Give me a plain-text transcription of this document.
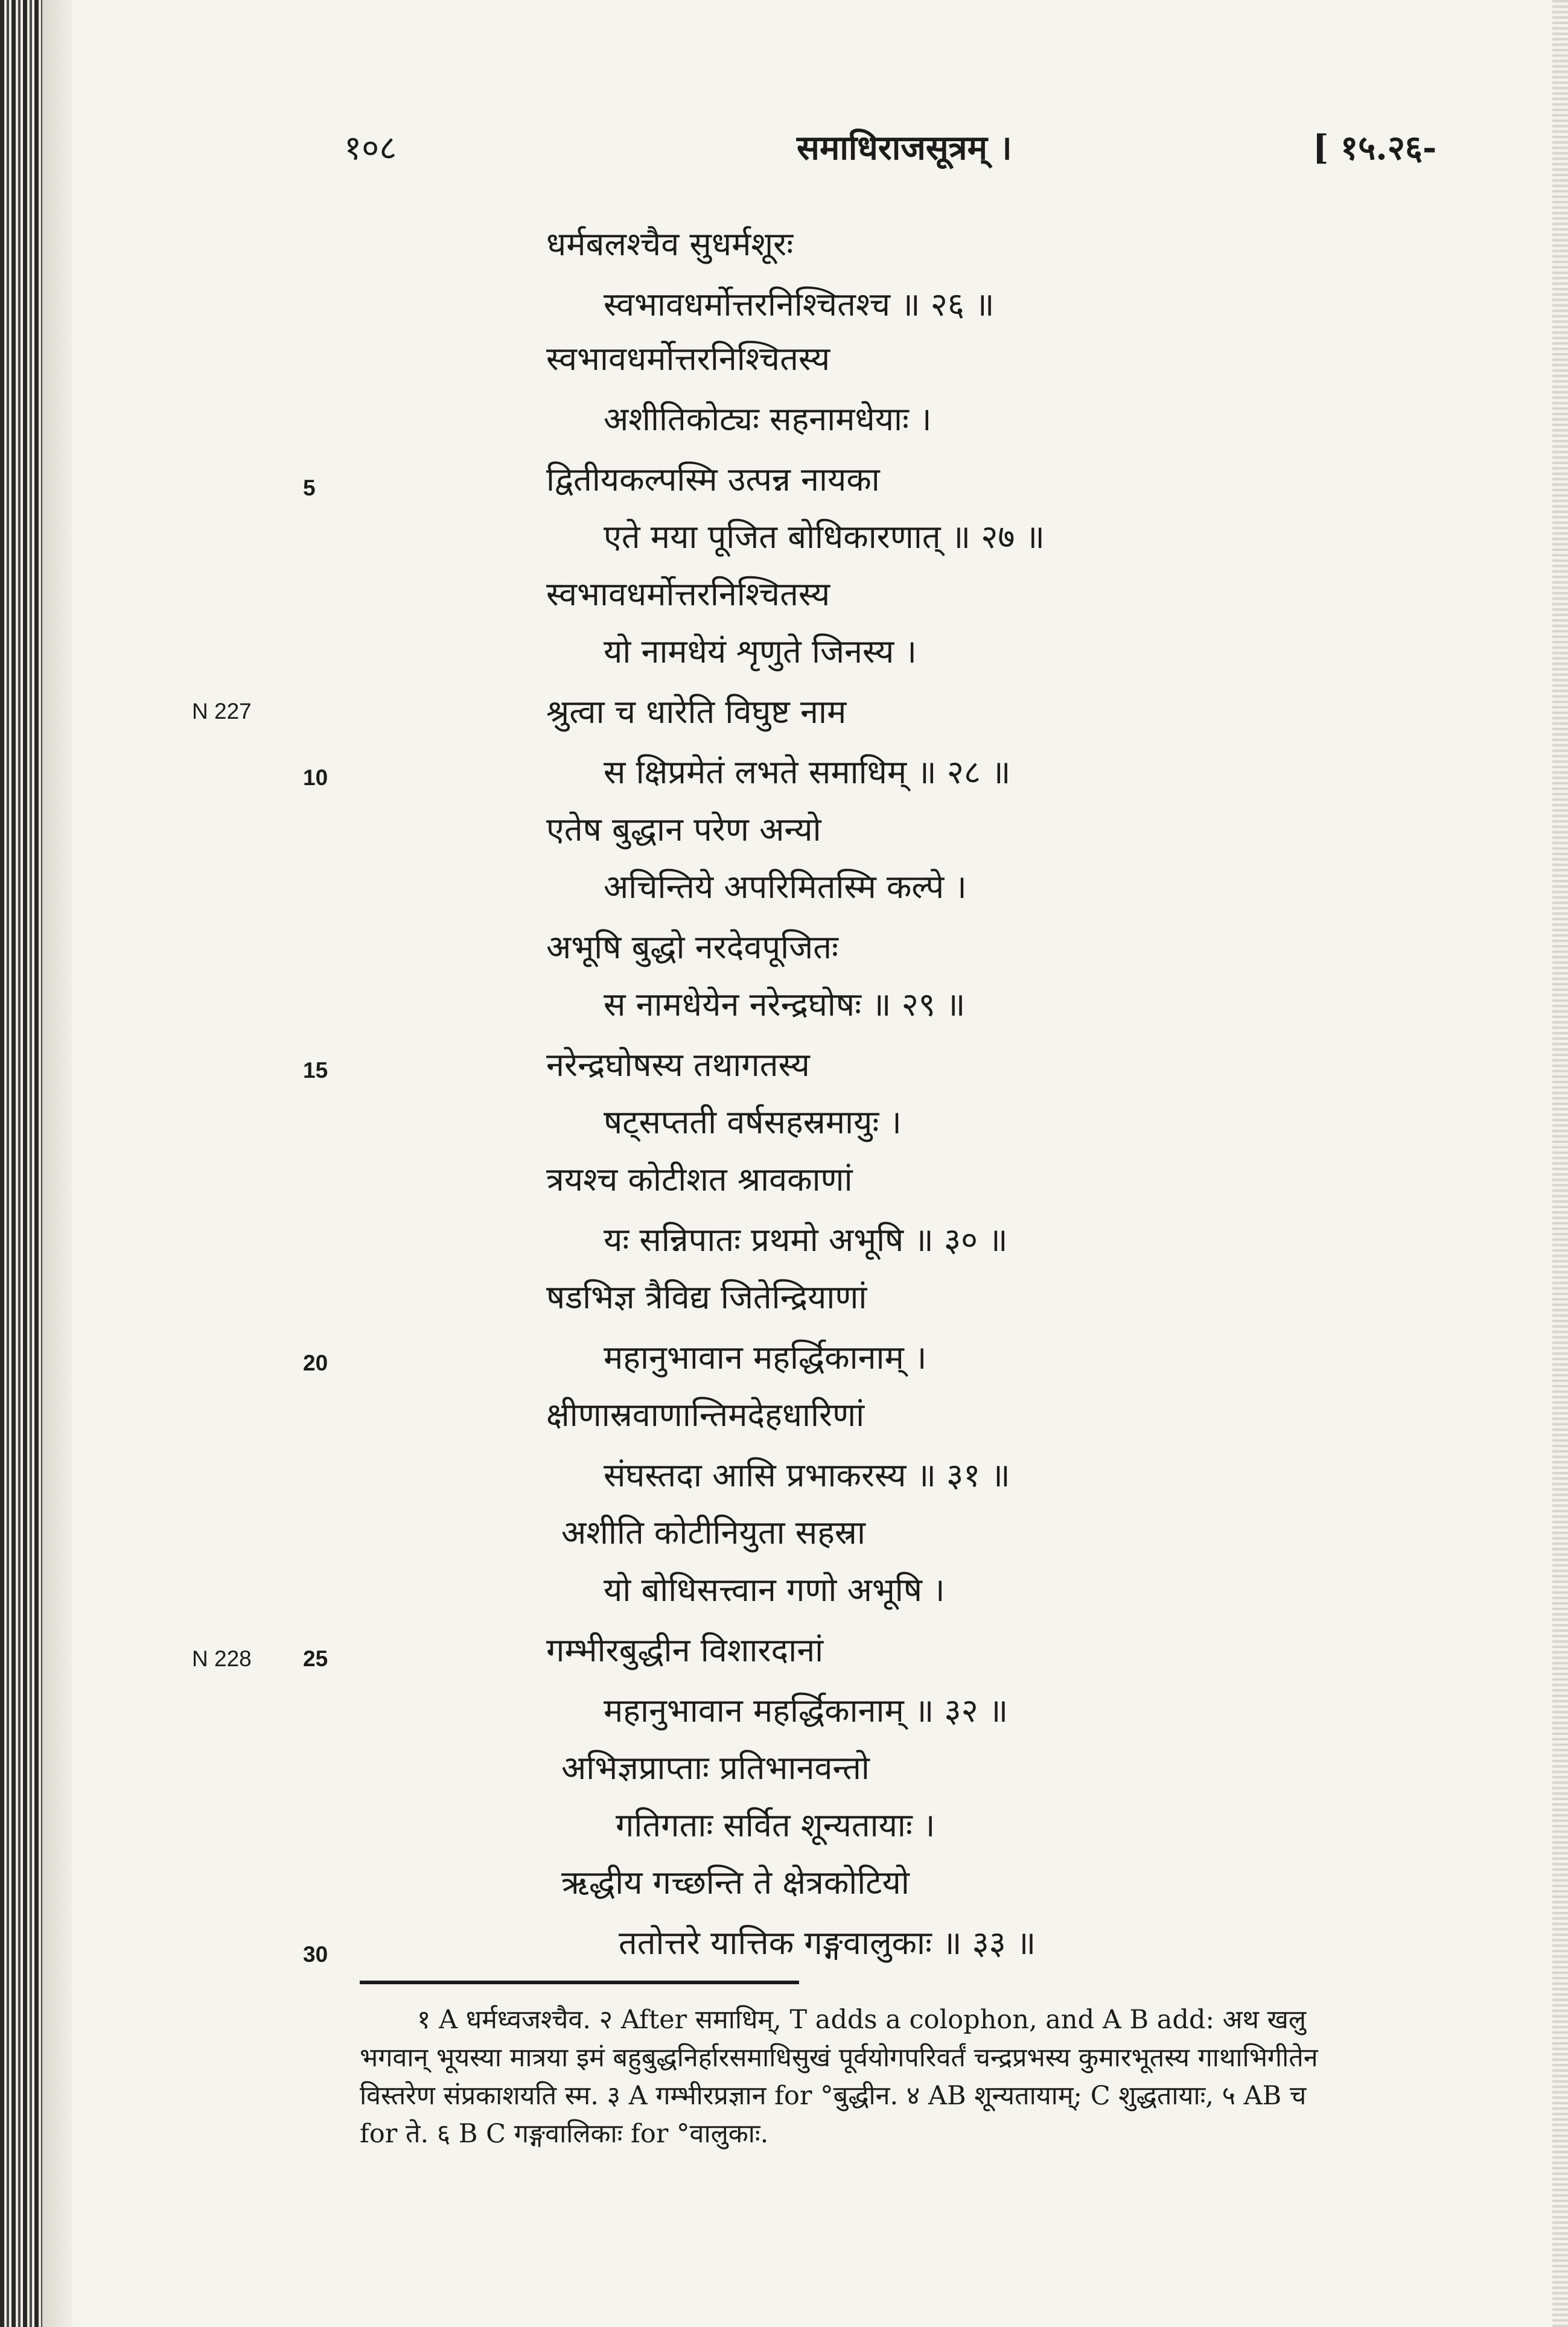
१०८	समाधिराजसूत्रम् ।	[ १५.२६-
धर्मबलश्चैव सुधर्मशूरः
स्वभावधर्मोत्तरनिश्चितश्च ॥ २६ ॥
स्वभावधर्मोत्तरनिश्चितस्य
अशीतिकोट्यः सहनामधेयाः ।
द्वितीयकल्पस्मि उत्पन्न नायका
एते मया पूजित बोधिकारणात् ॥ २७ ॥
स्वभावधर्मोत्तरनिश्चितस्य
यो नामधेयं शृणुते जिनस्य ।
श्रुत्वा च धारेति विघुष्ट नाम
स क्षिप्रमेतं लभते समाधिम् ॥ २८ ॥
एतेष बुद्धान परेण अन्यो
अचिन्तिये अपरिमितस्मि कल्पे ।
अभूषि बुद्धो नरदेवपूजितः
स नामधेयेन नरेन्द्रघोषः ॥ २९ ॥
नरेन्द्रघोषस्य तथागतस्य
षट्सप्तती वर्षसहस्रमायुः ।
त्रयश्च कोटीशत श्रावकाणां
यः सन्निपातः प्रथमो अभूषि ॥ ३० ॥
षडभिज्ञ त्रैविद्य जितेन्द्रियाणां
महानुभावान महर्द्धिकानाम् ।
क्षीणास्रवाणान्तिमदेहधारिणां
संघस्तदा आसि प्रभाकरस्य ॥ ३१ ॥
अशीति कोटीनियुता सहस्रा
यो बोधिसत्त्वान गणो अभूषि ।
गम्भीरबुद्धीन विशारदानां
महानुभावान महर्द्धिकानाम् ॥ ३२ ॥
अभिज्ञप्राप्ताः प्रतिभानवन्तो
गतिगताः सर्वित शून्यतायाः ।
ऋद्धीय गच्छन्ति ते क्षेत्रकोटियो
ततोत्तरे यात्तिक गङ्गवालुकाः ॥ ३३ ॥
5
10
15
20
25
30
N 227
N 228
१ A धर्मध्वजश्चैव. २ After समाधिम्, T adds a colophon, and A B add: अथ खलु
भगवान् भूयस्या मात्रया इमं बहुबुद्धनिर्हारसमाधिसुखं पूर्वयोगपरिवर्तं चन्द्रप्रभस्य कुमारभूतस्य गाथाभिगीतेन
विस्तरेण संप्रकाशयति स्म. ३ A गम्भीरप्रज्ञान for °बुद्धीन. ४ AB शून्यतायाम्; C शुद्धतायाः, ५ AB च
for ते. ६ B C गङ्गवालिकाः for °वालुकाः.
